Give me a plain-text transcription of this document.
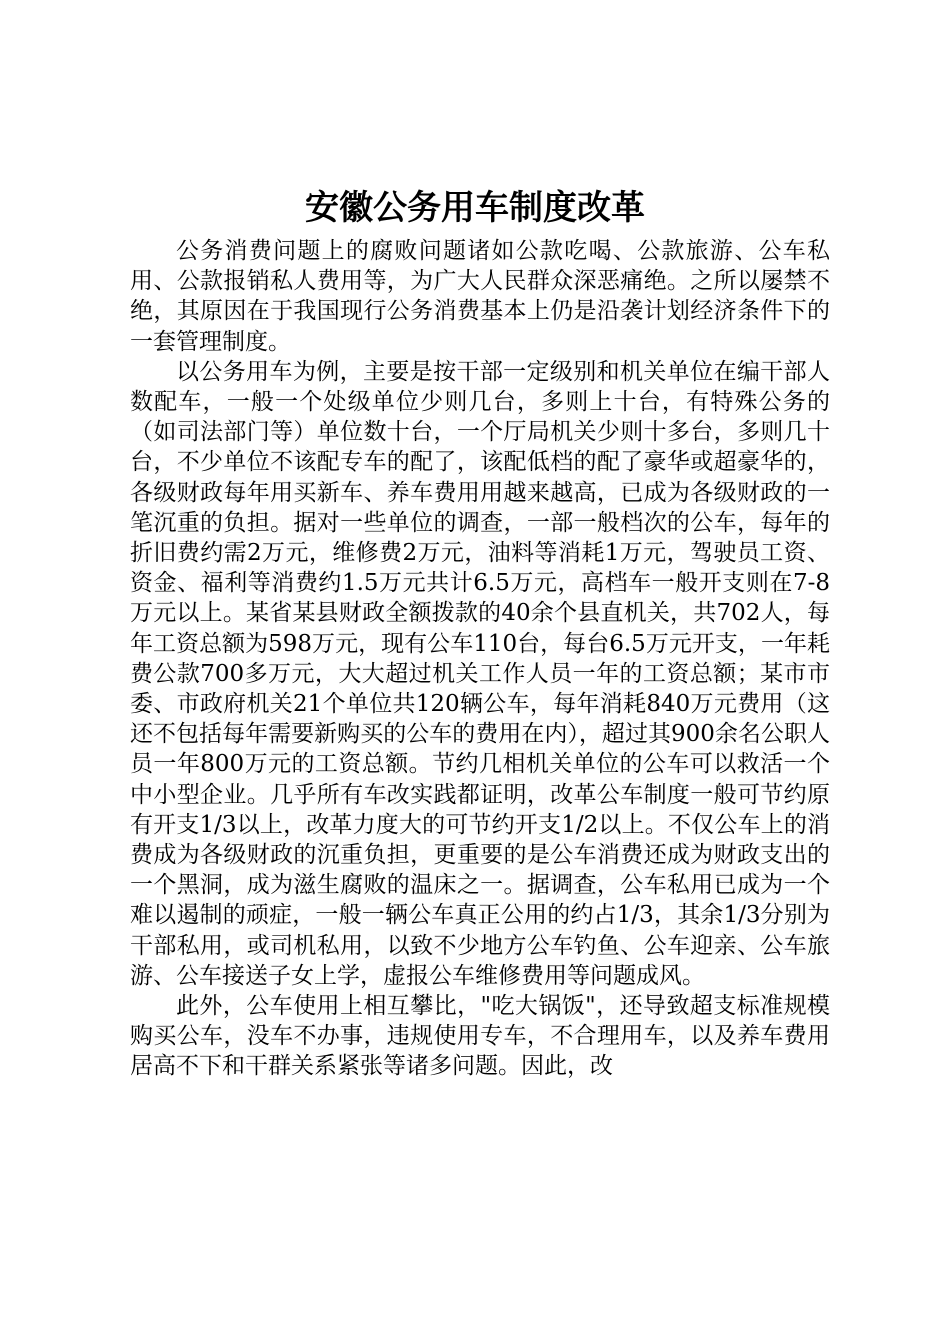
安徽公务用车制度改革

公务消费问题上的腐败问题诸如公款吃喝、公款旅游、公车私用、公款报销私人费用等，为广大人民群众深恶痛绝。之所以屡禁不绝，其原因在于我国现行公务消费基本上仍是沿袭计划经济条件下的一套管理制度。

以公务用车为例，主要是按干部一定级别和机关单位在编干部人数配车，一般一个处级单位少则几台，多则上十台，有特殊公务的（如司法部门等）单位数十台，一个厅局机关少则十多台，多则几十台，不少单位不该配专车的配了，该配低档的配了豪华或超豪华的，各级财政每年用买新车、养车费用用越来越高，已成为各级财政的一笔沉重的负担。据对一些单位的调查，一部一般档次的公车，每年的折旧费约需2万元，维修费2万元，油料等消耗1万元，驾驶员工资、资金、福利等消费约1.5万元共计6.5万元，高档车一般开支则在7-8万元以上。某省某县财政全额拨款的40余个县直机关，共702人，每年工资总额为598万元，现有公车110台，每台6.5万元开支，一年耗费公款700多万元，大大超过机关工作人员一年的工资总额；某市市委、市政府机关21个单位共120辆公车，每年消耗840万元费用（这还不包括每年需要新购买的公车的费用在内），超过其900余名公职人员一年800万元的工资总额。节约几相机关单位的公车可以救活一个中小型企业。几乎所有车改实践都证明，改革公车制度一般可节约原有开支1/3以上，改革力度大的可节约开支1/2以上。不仅公车上的消费成为各级财政的沉重负担，更重要的是公车消费还成为财政支出的一个黑洞，成为滋生腐败的温床之一。据调查，公车私用已成为一个难以遏制的顽症，一般一辆公车真正公用的约占1/3，其余1/3分别为干部私用，或司机私用，以致不少地方公车钓鱼、公车迎亲、公车旅游、公车接送子女上学，虚报公车维修费用等问题成风。

此外，公车使用上相互攀比，"吃大锅饭"，还导致超支标准规模购买公车，没车不办事，违规使用专车，不合理用车，以及养车费用居高不下和干群关系紧张等诸多问题。因此，改
